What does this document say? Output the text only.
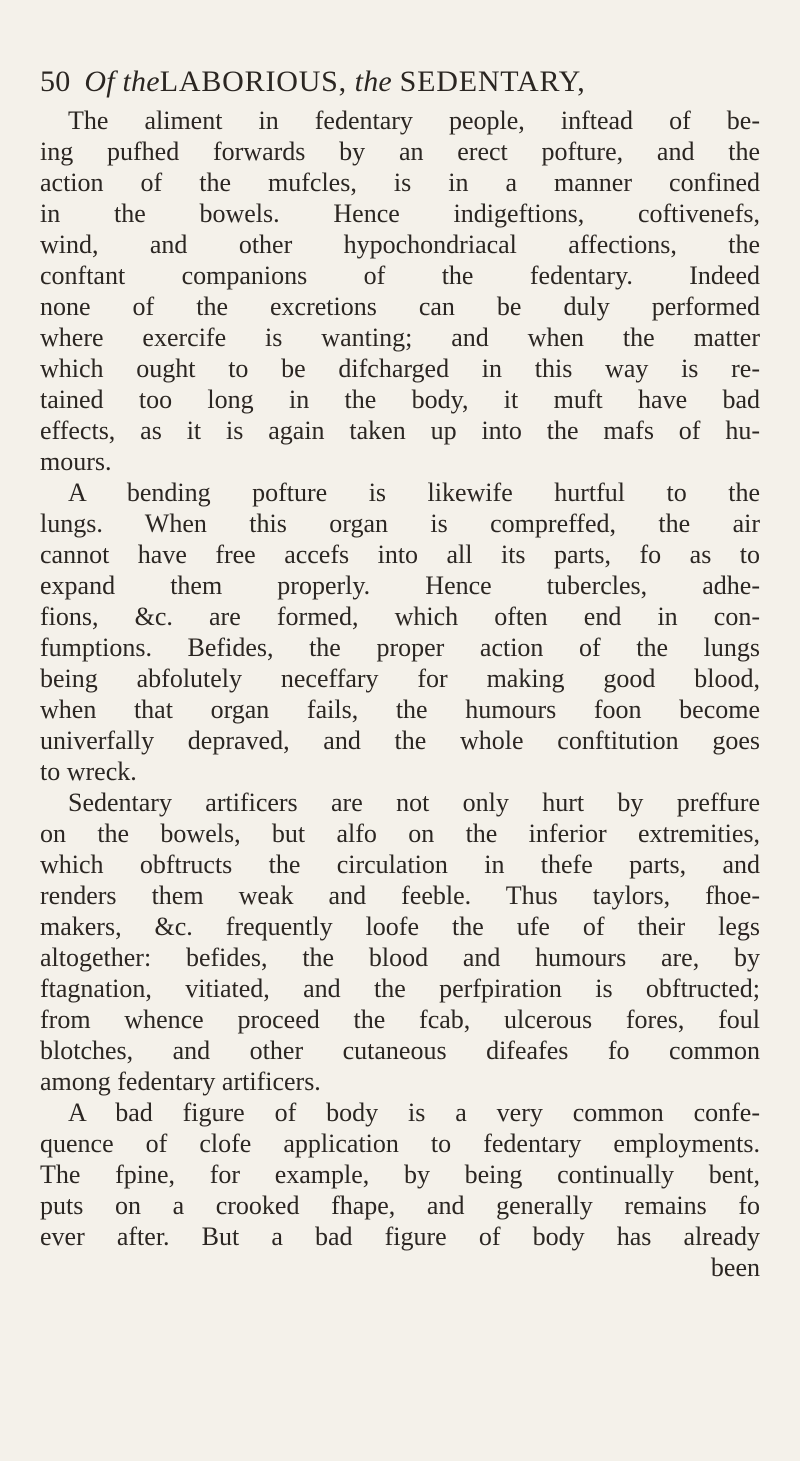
50 Of theLABORIOUS, the SEDENTARY,
The aliment in fedentary people, inftead of be-
ing pufhed forwards by an erect pofture, and the
action of the mufcles, is in a manner confined
in the bowels. Hence indigeftions, coftivenefs,
wind, and other hypochondriacal affections, the
conftant companions of the fedentary. Indeed
none of the excretions can be duly performed
where exercife is wanting; and when the matter
which ought to be difcharged in this way is re-
tained too long in the body, it muft have bad
effects, as it is again taken up into the mafs of hu-
mours.
A bending pofture is likewife hurtful to the
lungs. When this organ is compreffed, the air
cannot have free accefs into all its parts, fo as to
expand them properly. Hence tubercles, adhe-
fions, &c. are formed, which often end in con-
fumptions. Befides, the proper action of the lungs
being abfolutely neceffary for making good blood,
when that organ fails, the humours foon become
univerfally depraved, and the whole conftitution goes
to wreck.
Sedentary artificers are not only hurt by preffure
on the bowels, but alfo on the inferior extremities,
which obftructs the circulation in thefe parts, and
renders them weak and feeble. Thus taylors, fhoe-
makers, &c. frequently loofe the ufe of their legs
altogether: befides, the blood and humours are, by
ftagnation, vitiated, and the perfpiration is obftructed;
from whence proceed the fcab, ulcerous fores, foul
blotches, and other cutaneous difeafes fo common
among fedentary artificers.
A bad figure of body is a very common confe-
quence of clofe application to fedentary employments.
The fpine, for example, by being continually bent,
puts on a crooked fhape, and generally remains fo
ever after. But a bad figure of body has already
been
